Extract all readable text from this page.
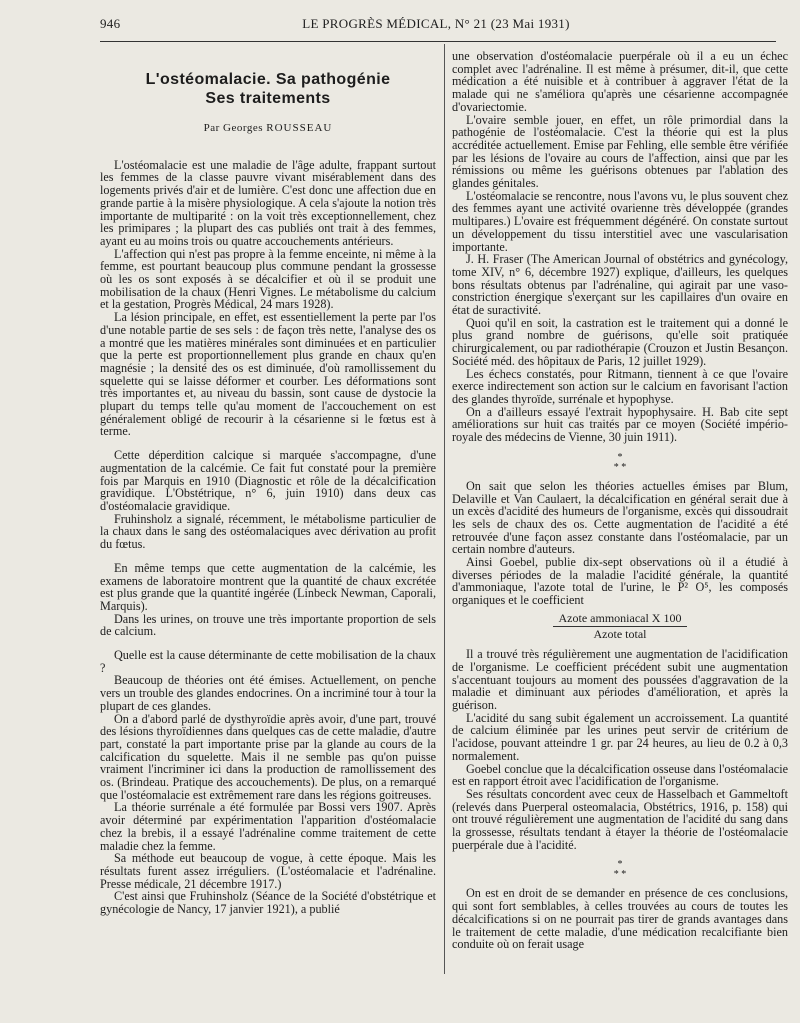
946	LE PROGRÈS MÉDICAL, N° 21 (23 Mai 1931)
L'ostéomalacie. Sa pathogénie
Ses traitements
Par Georges ROUSSEAU

L'ostéomalacie est une maladie de l'âge adulte, frappant surtout les femmes de la classe pauvre vivant misérablement dans des logements privés d'air et de lumière. C'est donc une affection due en grande partie à la misère physiologique. A cela s'ajoute la notion très importante de multiparité : on la voit très exceptionnellement, chez les primipares ; la plupart des cas publiés ont trait à des femmes, ayant eu au moins trois ou quatre accouchements antérieurs.

L'affection qui n'est pas propre à la femme enceinte, ni même à la femme, est pourtant beaucoup plus commune pendant la grossesse où les os sont exposés à se décalcifier et où il se produit une mobilisation de la chaux (Henri Vignes. Le métabolisme du calcium et la gestation, Progrès Médical, 24 mars 1928).

La lésion principale, en effet, est essentiellement la perte par l'os d'une notable partie de ses sels : de façon très nette, l'analyse des os a montré que les matières minérales sont diminuées et en particulier que la perte est proportionnellement plus grande en chaux qu'en magnésie ; la densité des os est diminuée, d'où ramollissement du squelette qui se laisse déformer et courber. Les déformations sont très importantes et, au niveau du bassin, sont cause de dystocie la plupart du temps telle qu'au moment de l'accouchement on est généralement obligé de recourir à la césarienne si le fœtus est à terme.

Cette déperdition calcique si marquée s'accompagne, d'une augmentation de la calcémie. Ce fait fut constaté pour la première fois par Marquis en 1910 (Diagnostic et rôle de la décalcification gravidique. L'Obstétrique, n° 6, juin 1910) dans deux cas d'ostéomalacie gravidique.

Fruhinsholz a signalé, récemment, le métabolisme particulier de la chaux dans le sang des ostéomalaciques avec dérivation au profit du fœtus.

En même temps que cette augmentation de la calcémie, les examens de laboratoire montrent que la quantité de chaux excrétée est plus grande que la quantité ingérée (Linbeck Newman, Caporali, Marquis).

Dans les urines, on trouve une très importante proportion de sels de calcium.

Quelle est la cause déterminante de cette mobilisation de la chaux ?

Beaucoup de théories ont été émises. Actuellement, on penche vers un trouble des glandes endocrines. On a incriminé tour à tour la plupart de ces glandes.

On a d'abord parlé de dysthyroïdie après avoir, d'une part, trouvé des lésions thyroïdiennes dans quelques cas de cette maladie, d'autre part, constaté la part importante prise par la glande au cours de la calcification du squelette. Mais il ne semble pas qu'on puisse vraiment l'incriminer ici dans la production de ramollissement des os. (Brindeau. Pratique des accouchements). De plus, on a remarqué que l'ostéomalacie est extrêmement rare dans les régions goitreuses.

La théorie surrénale a été formulée par Bossi vers 1907. Après avoir déterminé par expérimentation l'apparition d'ostéomalacie chez la brebis, il a essayé l'adrénaline comme traitement de cette maladie chez la femme.

Sa méthode eut beaucoup de vogue, à cette époque. Mais les résultats furent assez irréguliers. (L'ostéomalacie et l'adrénaline. Presse médicale, 21 décembre 1917.)

C'est ainsi que Fruhinsholz (Séance de la Société d'obstétrique et gynécologie de Nancy, 17 janvier 1921), a publié

une observation d'ostéomalacie puerpérale où il a eu un échec complet avec l'adrénaline. Il est même à présumer, dit-il, que cette médication a été nuisible et à contribuer à aggraver l'état de la malade qui ne s'améliora qu'après une césarienne accompagnée d'ovariectomie.

L'ovaire semble jouer, en effet, un rôle primordial dans la pathogénie de l'ostéomalacie. C'est la théorie qui est la plus accréditée actuellement. Emise par Fehling, elle semble être vérifiée par les lésions de l'ovaire au cours de l'affection, ainsi que par les rémissions ou même les guérisons obtenues par l'ablation des glandes génitales.

L'ostéomalacie se rencontre, nous l'avons vu, le plus souvent chez des femmes ayant une activité ovarienne très développée (grandes multipares.) L'ovaire est fréquemment dégénéré. On constate surtout un développement du tissu interstitiel avec une vascularisation importante.

J. H. Fraser (The American Journal of obstétrics and gynécology, tome XIV, n° 6, décembre 1927) explique, d'ailleurs, les quelques bons résultats obtenus par l'adrénaline, qui agirait par une vaso-constriction énergique s'exerçant sur les capillaires d'un ovaire en état de suractivité.

Quoi qu'il en soit, la castration est le traitement qui a donné le plus grand nombre de guérisons, qu'elle soit pratiquée chirurgicalement, ou par radiothérapie (Crouzon et Justin Besançon. Société méd. des hôpitaux de Paris, 12 juillet 1929).

Les échecs constatés, pour Ritmann, tiennent à ce que l'ovaire exerce indirectement son action sur le calcium en favorisant l'action des glandes thyroïde, surrénale et hypophyse.

On a d'ailleurs essayé l'extrait hypophysaire. H. Bab cite sept améliorations sur huit cas traités par ce moyen (Société império-royale des médecins de Vienne, 30 juin 1911).

*
* *

On sait que selon les théories actuelles émises par Blum, Delaville et Van Caulaert, la décalcification en général serait due à un excès d'acidité des humeurs de l'organisme, excès qui dissoudrait les sels de chaux des os. Cette augmentation de l'acidité a été retrouvée d'une façon assez constante dans l'ostéomalacie, par un certain nombre d'auteurs.

Ainsi Goebel, publie dix-sept observations où il a étudié à diverses périodes de la maladie l'acidité générale, la quantité d'ammoniaque, l'azote total de l'urine, le P² O⁵, les composés organiques et le coefficient

Azote ammoniacal X 100
Azote total

Il a trouvé très régulièrement une augmentation de l'acidification de l'organisme. Le coefficient précédent subit une augmentation s'accentuant toujours au moment des poussées d'aggravation de la maladie et diminuant aux périodes d'amélioration, et après la guérison.

L'acidité du sang subit également un accroissement. La quantité de calcium éliminée par les urines peut servir de critérium de l'acidose, pouvant atteindre 1 gr. par 24 heures, au lieu de 0.2 à 0,3 normalement.

Goebel conclue que la décalcification osseuse dans l'ostéomalacie est en rapport étroit avec l'acidification de l'organisme.

Ses résultats concordent avec ceux de Hasselbach et Gammeltoft (relevés dans Puerperal osteomalacia, Obstétrics, 1916, p. 158) qui ont trouvé régulièrement une augmentation de l'acidité du sang dans la grossesse, résultats tendant à étayer la théorie de l'ostéomalacie puerpérale due à l'acidité.

*
* *

On est en droit de se demander en présence de ces conclusions, qui sont fort semblables, à celles trouvées au cours de toutes les décalcifications si on ne pourrait pas tirer de grands avantages dans le traitement de cette maladie, d'une médication recalcifiante bien conduite où on ferait usage
